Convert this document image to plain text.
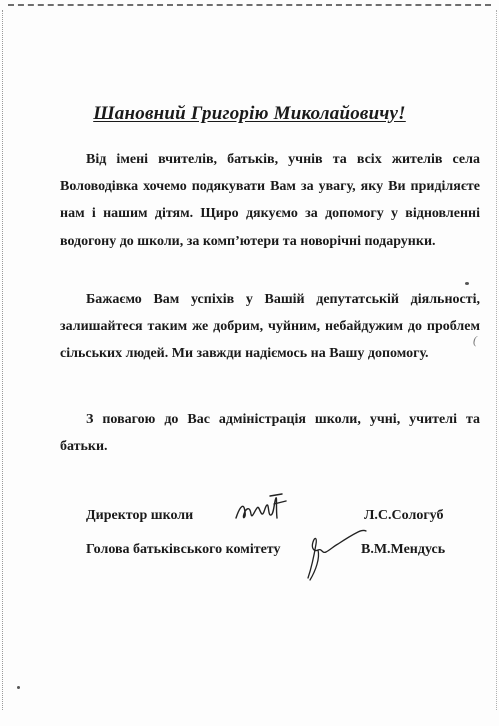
(
Шановний Григорію Миколайовичу!

Від імені вчителів, батьків, учнів та всіх жителів села Воловодівка хочемо подякувати Вам за увагу, яку Ви приділяєте нам і нашим дітям. Щиро дякуємо за допомогу у відновленні водогону до школи, за комп’ютери та новорічні подарунки.

Бажаємо Вам успіхів у Вашій депутатській діяльності, залишайтеся таким же добрим, чуйним, небайдужим до проблем сільських людей. Ми завжди надіємось на Вашу допомогу.

З повагою до Вас адміністрація школи, учні, учителі та батьки.

Директор школи	Л.С.Сологуб
Голова батьківського комітету	В.М.Мендусь
